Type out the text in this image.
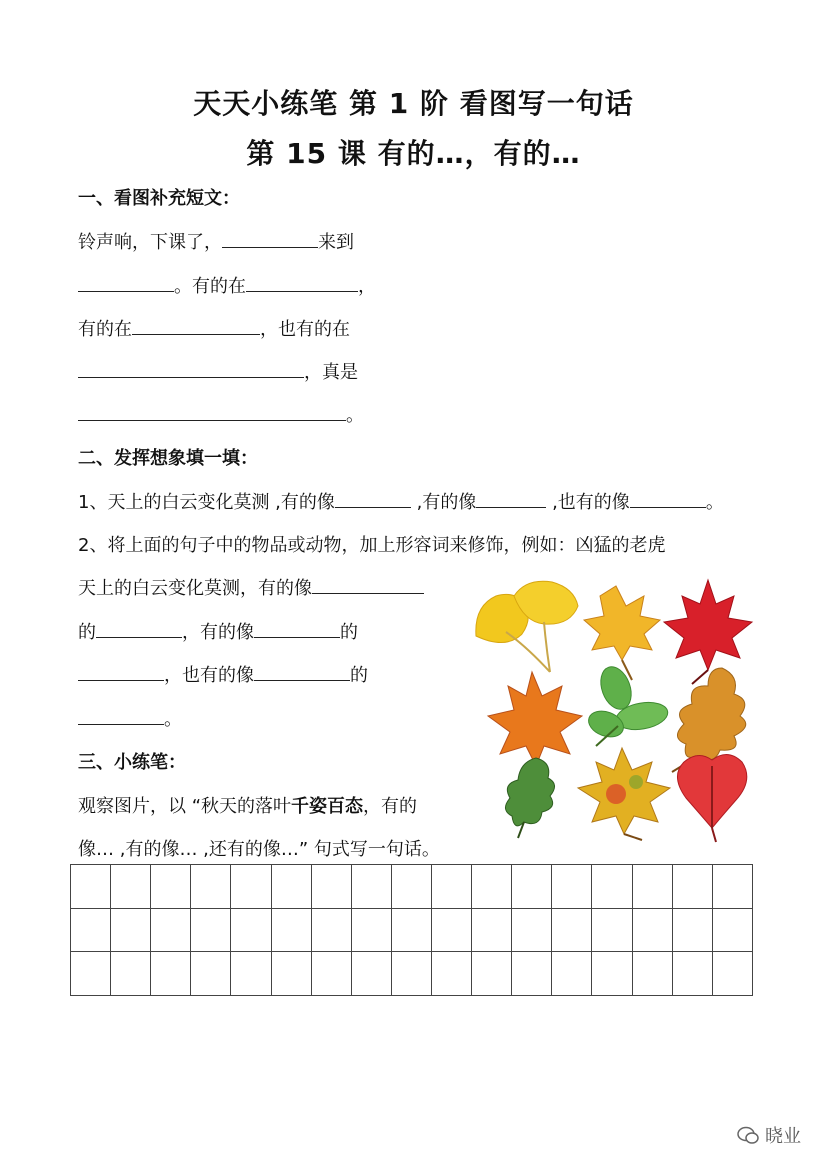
天天小练笔 第 1 阶 看图写一句话
第 15 课 有的…，有的…
一、看图补充短文：
铃声响，下课了，	来到
。有的在	，
有的在	，也有的在
，真是
。
二、发挥想象填一填：
1、天上的白云变化莫测 ,有的像	,有的像	,也有的像	。
2、将上面的句子中的物品或动物，加上形容词来修饰，例如：凶猛的老虎
天上的白云变化莫测，有的像
的	，有的像	的
，也有的像	的
。
三、小练笔：
观察图片，以 “秋天的落叶千姿百态，有的
像… ,有的像… ,还有的像…” 句式写一句话。

晓业
